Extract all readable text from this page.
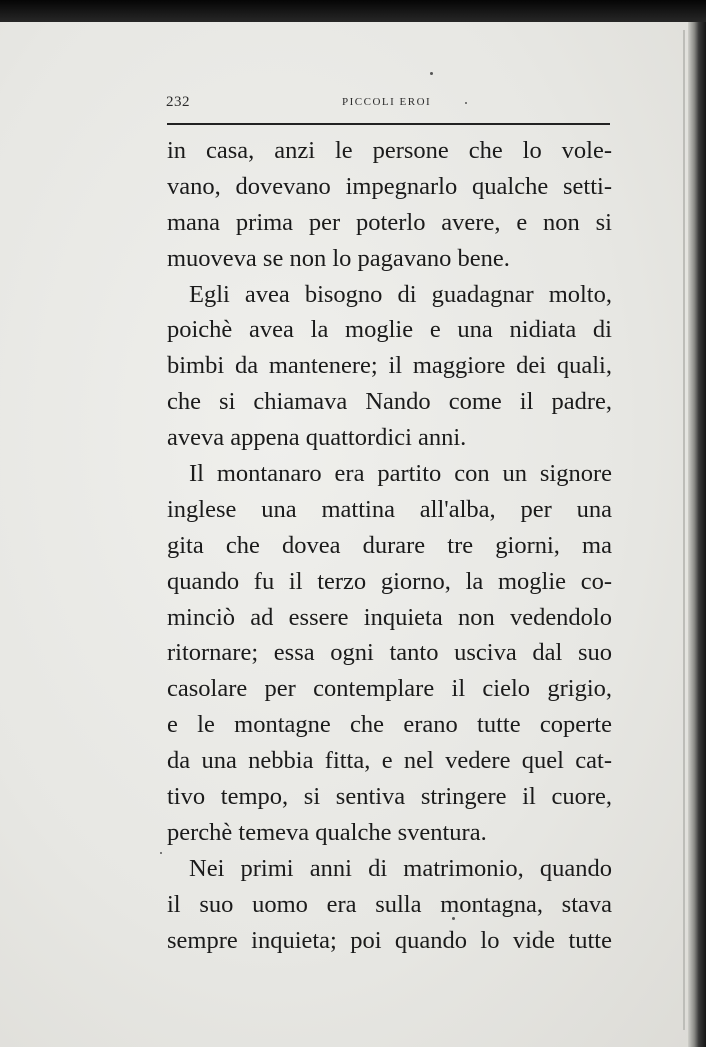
232	PICCOLI EROI
in casa, anzi le persone che lo vole-
vano, dovevano impegnarlo qualche setti-
mana prima per poterlo avere, e non si
muoveva se non lo pagavano bene.
Egli avea bisogno di guadagnar molto,
poichè avea la moglie e una nidiata di
bimbi da mantenere; il maggiore dei quali,
che si chiamava Nando come il padre,
aveva appena quattordici anni.
Il montanaro era partito con un signore
inglese una mattina all'alba, per una
gita che dovea durare tre giorni, ma
quando fu il terzo giorno, la moglie co-
minciò ad essere inquieta non vedendolo
ritornare; essa ogni tanto usciva dal suo
casolare per contemplare il cielo grigio,
e le montagne che erano tutte coperte
da una nebbia fitta, e nel vedere quel cat-
tivo tempo, si sentiva stringere il cuore,
perchè temeva qualche sventura.
Nei primi anni di matrimonio, quando
il suo uomo era sulla montagna, stava
sempre inquieta; poi quando lo vide tutte
